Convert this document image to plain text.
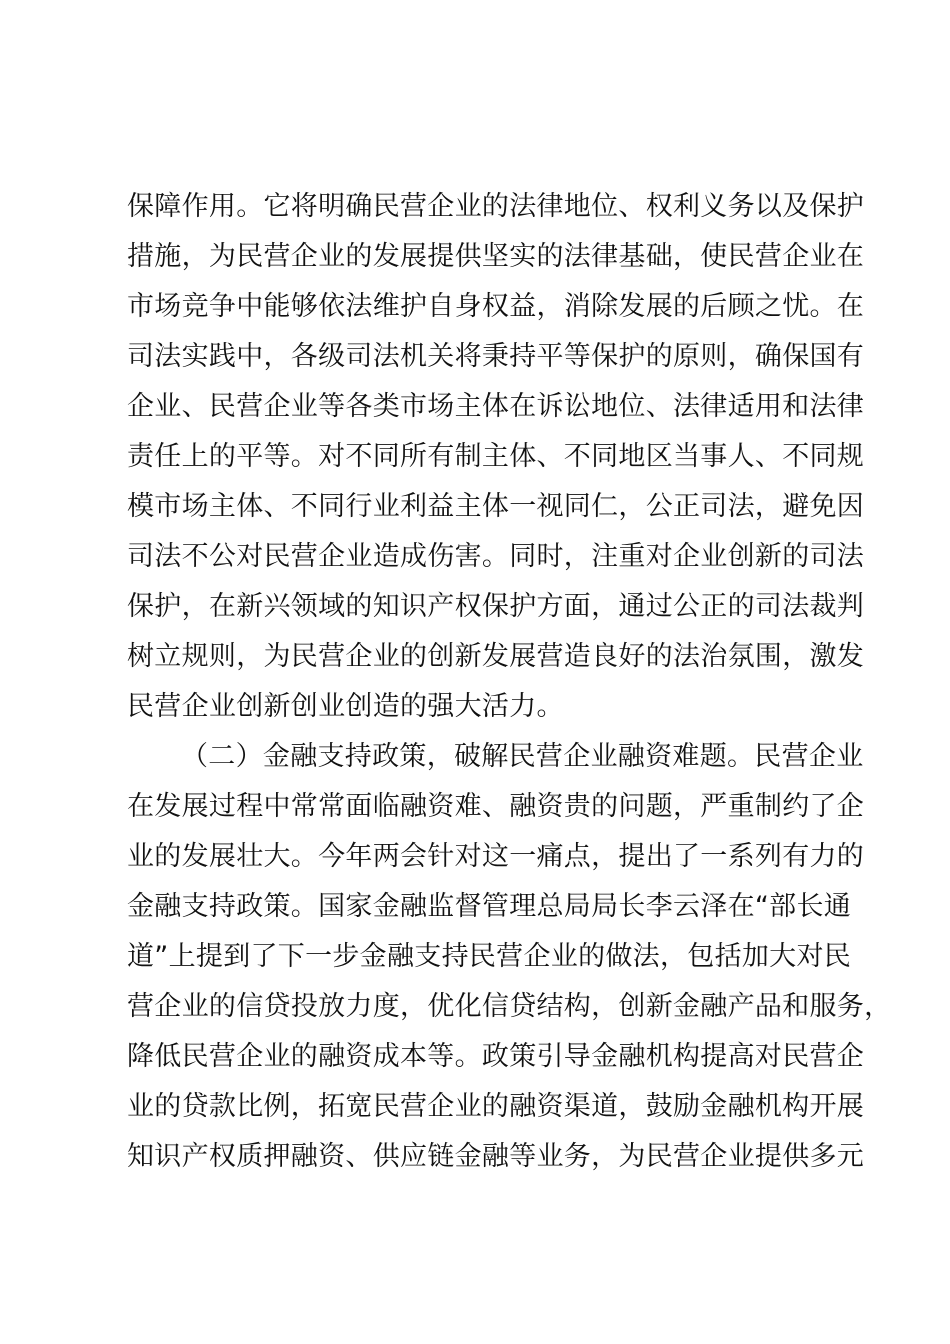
保障作用。它将明确民营企业的法律地位、权利义务以及保护
措施，为民营企业的发展提供坚实的法律基础，使民营企业在
市场竞争中能够依法维护自身权益，消除发展的后顾之忧。在
司法实践中，各级司法机关将秉持平等保护的原则，确保国有
企业、民营企业等各类市场主体在诉讼地位、法律适用和法律
责任上的平等。对不同所有制主体、不同地区当事人、不同规
模市场主体、不同行业利益主体一视同仁，公正司法，避免因
司法不公对民营企业造成伤害。同时，注重对企业创新的司法
保护，在新兴领域的知识产权保护方面，通过公正的司法裁判
树立规则，为民营企业的创新发展营造良好的法治氛围，激发
民营企业创新创业创造的强大活力。
（二）金融支持政策，破解民营企业融资难题。民营企业
在发展过程中常常面临融资难、融资贵的问题，严重制约了企
业的发展壮大。今年两会针对这一痛点，提出了一系列有力的
金融支持政策。国家金融监督管理总局局长李云泽在“部长通
道”上提到了下一步金融支持民营企业的做法，包括加大对民
营企业的信贷投放力度，优化信贷结构，创新金融产品和服务，
降低民营企业的融资成本等。政策引导金融机构提高对民营企
业的贷款比例，拓宽民营企业的融资渠道，鼓励金融机构开展
知识产权质押融资、供应链金融等业务，为民营企业提供多元
